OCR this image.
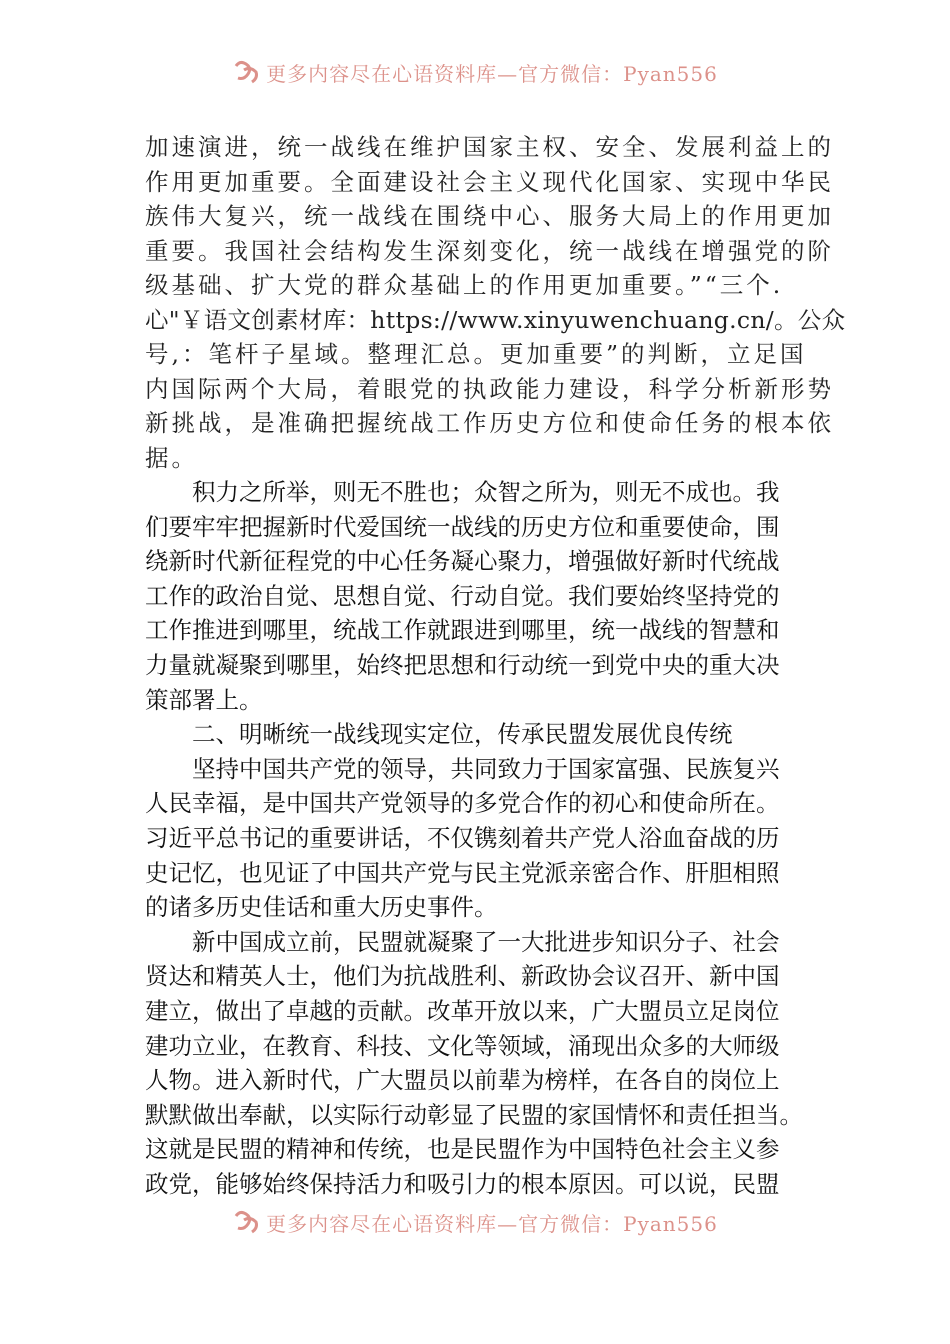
更多内容尽在心语资料库—官方微信：Pyan556
加速演进，统一战线在维护国家主权、安全、发展利益上的
作用更加重要。全面建设社会主义现代化国家、实现中华民
族伟大复兴，统一战线在围绕中心、服务大局上的作用更加
重要。我国社会结构发生深刻变化，统一战线在增强党的阶
级基础、扩大党的群众基础上的作用更加重要。”“三个.
心"￥语文创素材库：https://www.xinyuwenchuang.cn/。公众
号,：笔杆子星域。整理汇总。更加重要”的判断，立足国
内国际两个大局，着眼党的执政能力建设，科学分析新形势
新挑战，是准确把握统战工作历史方位和使命任务的根本依
据。
　　积力之所举，则无不胜也；众智之所为，则无不成也。我
们要牢牢把握新时代爱国统一战线的历史方位和重要使命，围
绕新时代新征程党的中心任务凝心聚力，增强做好新时代统战
工作的政治自觉、思想自觉、行动自觉。我们要始终坚持党的
工作推进到哪里，统战工作就跟进到哪里，统一战线的智慧和
力量就凝聚到哪里，始终把思想和行动统一到党中央的重大决
策部署上。
　　二、明晰统一战线现实定位，传承民盟发展优良传统
　　坚持中国共产党的领导，共同致力于国家富强、民族复兴
人民幸福，是中国共产党领导的多党合作的初心和使命所在。
习近平总书记的重要讲话，不仅镌刻着共产党人浴血奋战的历
史记忆，也见证了中国共产党与民主党派亲密合作、肝胆相照
的诸多历史佳话和重大历史事件。
　　新中国成立前，民盟就凝聚了一大批进步知识分子、社会
贤达和精英人士，他们为抗战胜利、新政协会议召开、新中国
建立，做出了卓越的贡献。改革开放以来，广大盟员立足岗位
建功立业，在教育、科技、文化等领域，涌现出众多的大师级
人物。进入新时代，广大盟员以前辈为榜样，在各自的岗位上
默默做出奉献，以实际行动彰显了民盟的家国情怀和责任担当。
这就是民盟的精神和传统，也是民盟作为中国特色社会主义参
政党，能够始终保持活力和吸引力的根本原因。可以说，民盟
更多内容尽在心语资料库—官方微信：Pyan556
